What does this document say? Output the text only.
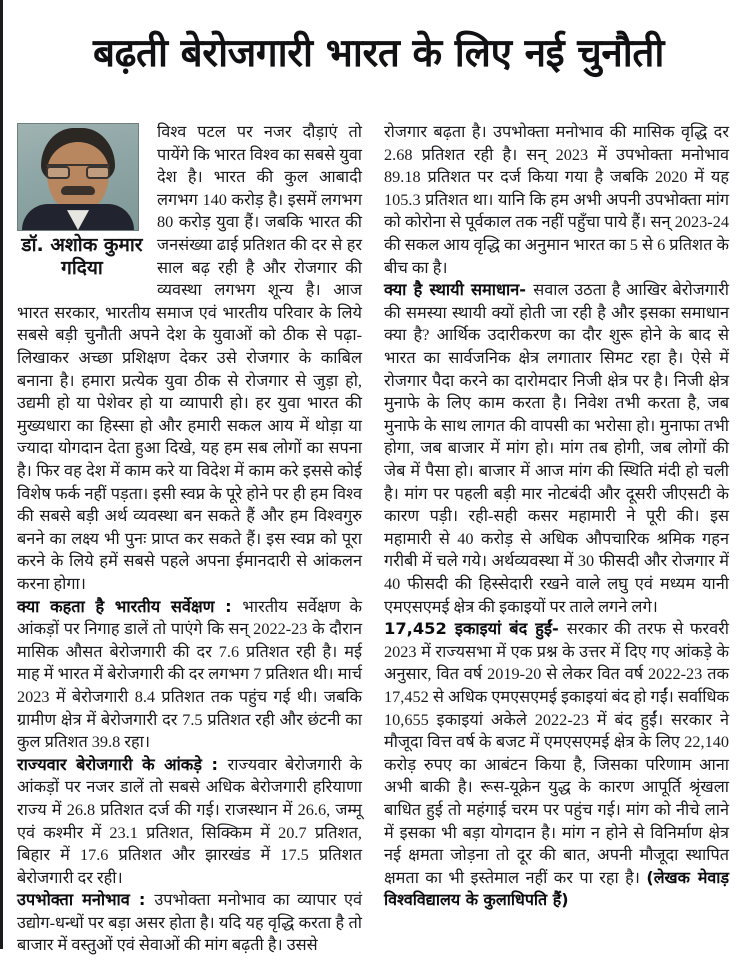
बढ़ती बेरोजगारी भारत के लिए नई चुनौती
डॉ. अशोक कुमार गदिया

विश्व पटल पर नजर दौड़ाएं तो पायेंगे कि भारत विश्व का सबसे युवा देश है। भारत की कुल आबादी लगभग 140 करोड़ है। इसमें लगभग 80 करोड़ युवा हैं। जबकि भारत की जनसंख्या ढाई प्रतिशत की दर से हर साल बढ़ रही है और रोजगार की व्यवस्था लगभग शून्य है। आज भारत सरकार, भारतीय समाज एवं भारतीय परिवार के लिये सबसे बड़ी चुनौती अपने देश के युवाओं को ठीक से पढ़ा-लिखाकर अच्छा प्रशिक्षण देकर उसे रोजगार के काबिल बनाना है। हमारा प्रत्येक युवा ठीक से रोजगार से जुड़ा हो, उद्यमी हो या पेशेवर हो या व्यापारी हो। हर युवा भारत की मुख्यधारा का हिस्सा हो और हमारी सकल आय में थोड़ा या ज्यादा योगदान देता हुआ दिखे, यह हम सब लोगों का सपना है। फिर वह देश में काम करे या विदेश में काम करे इससे कोई विशेष फर्क नहीं पड़ता। इसी स्वप्न के पूरे होने पर ही हम विश्व की सबसे बड़ी अर्थ व्यवस्था बन सकते हैं और हम विश्वगुरु बनने का लक्ष्य भी पुनः प्राप्त कर सकते हैं। इस स्वप्न को पूरा करने के लिये हमें सबसे पहले अपना ईमानदारी से आंकलन करना होगा।

क्या कहता है भारतीय सर्वेक्षण : भारतीय सर्वेक्षण के आंकड़ों पर निगाह डालें तो पाएंगे कि सन् 2022-23 के दौरान मासिक औसत बेरोजगारी की दर 7.6 प्रतिशत रही है। मई माह में भारत में बेरोजगारी की दर लगभग 7 प्रतिशत थी। मार्च 2023 में बेरोजगारी 8.4 प्रतिशत तक पहुंच गई थी। जबकि ग्रामीण क्षेत्र में बेरोजगारी दर 7.5 प्रतिशत रही और छंटनी का कुल प्रतिशत 39.8 रहा।

राज्यवार बेरोजगारी के आंकड़े : राज्यवार बेरोजगारी के आंकड़ों पर नजर डालें तो सबसे अधिक बेरोजगारी हरियाणा राज्य में 26.8 प्रतिशत दर्ज की गई। राजस्थान में 26.6, जम्मू एवं कश्मीर में 23.1 प्रतिशत, सिक्किम में 20.7 प्रतिशत, बिहार में 17.6 प्रतिशत और झारखंड में 17.5 प्रतिशत बेरोजगारी दर रही।

उपभोक्ता मनोभाव : उपभोक्ता मनोभाव का व्यापार एवं उद्योग-धन्धों पर बड़ा असर होता है। यदि यह वृद्धि करता है तो बाजार में वस्तुओं एवं सेवाओं की मांग बढ़ती है। उससे

रोजगार बढ़ता है। उपभोक्ता मनोभाव की मासिक वृद्धि दर 2.68 प्रतिशत रही है। सन् 2023 में उपभोक्ता मनोभाव 89.18 प्रतिशत पर दर्ज किया गया है जबकि 2020 में यह 105.3 प्रतिशत था। यानि कि हम अभी अपनी उपभोक्ता मांग को कोरोना से पूर्वकाल तक नहीं पहुँचा पाये हैं। सन् 2023-24 की सकल आय वृद्धि का अनुमान भारत का 5 से 6 प्रतिशत के बीच का है।

क्या है स्थायी समाधान- सवाल उठता है आखिर बेरोजगारी की समस्या स्थायी क्यों होती जा रही है और इसका समाधान क्या है? आर्थिक उदारीकरण का दौर शुरू होने के बाद से भारत का सार्वजनिक क्षेत्र लगातार सिमट रहा है। ऐसे में रोजगार पैदा करने का दारोमदार निजी क्षेत्र पर है। निजी क्षेत्र मुनाफे के लिए काम करता है। निवेश तभी करता है, जब मुनाफे के साथ लागत की वापसी का भरोसा हो। मुनाफा तभी होगा, जब बाजार में मांग हो। मांग तब होगी, जब लोगों की जेब में पैसा हो। बाजार में आज मांग की स्थिति मंदी हो चली है। मांग पर पहली बड़ी मार नोटबंदी और दूसरी जीएसटी के कारण पड़ी। रही-सही कसर महामारी ने पूरी की। इस महामारी से 40 करोड़ से अधिक औपचारिक श्रमिक गहन गरीबी में चले गये। अर्थव्यवस्था में 30 फीसदी और रोजगार में 40 फीसदी की हिस्सेदारी रखने वाले लघु एवं मध्यम यानी एमएसएमई क्षेत्र की इकाइयों पर ताले लगने लगे।

17,452 इकाइयां बंद हुईं- सरकार की तरफ से फरवरी 2023 में राज्यसभा में एक प्रश्न के उत्तर में दिए गए आंकड़े के अनुसार, वित वर्ष 2019-20 से लेकर वित वर्ष 2022-23 तक 17,452 से अधिक एमएसएमई इकाइयां बंद हो गईं। सर्वाधिक 10,655 इकाइयां अकेले 2022-23 में बंद हुईं। सरकार ने मौजूदा वित्त वर्ष के बजट में एमएसएमई क्षेत्र के लिए 22,140 करोड़ रुपए का आबंटन किया है, जिसका परिणाम आना अभी बाकी है। रूस-यूक्रेन युद्ध के कारण आपूर्ति श्रृंखला बाधित हुई तो महंगाई चरम पर पहुंच गई। मांग को नीचे लाने में इसका भी बड़ा योगदान है। मांग न होने से विनिर्माण क्षेत्र नई क्षमता जोड़ना तो दूर की बात, अपनी मौजूदा स्थापित क्षमता का भी इस्तेमाल नहीं कर पा रहा है। (लेखक मेवाड़ विश्वविद्यालय के कुलाधिपति हैं)
